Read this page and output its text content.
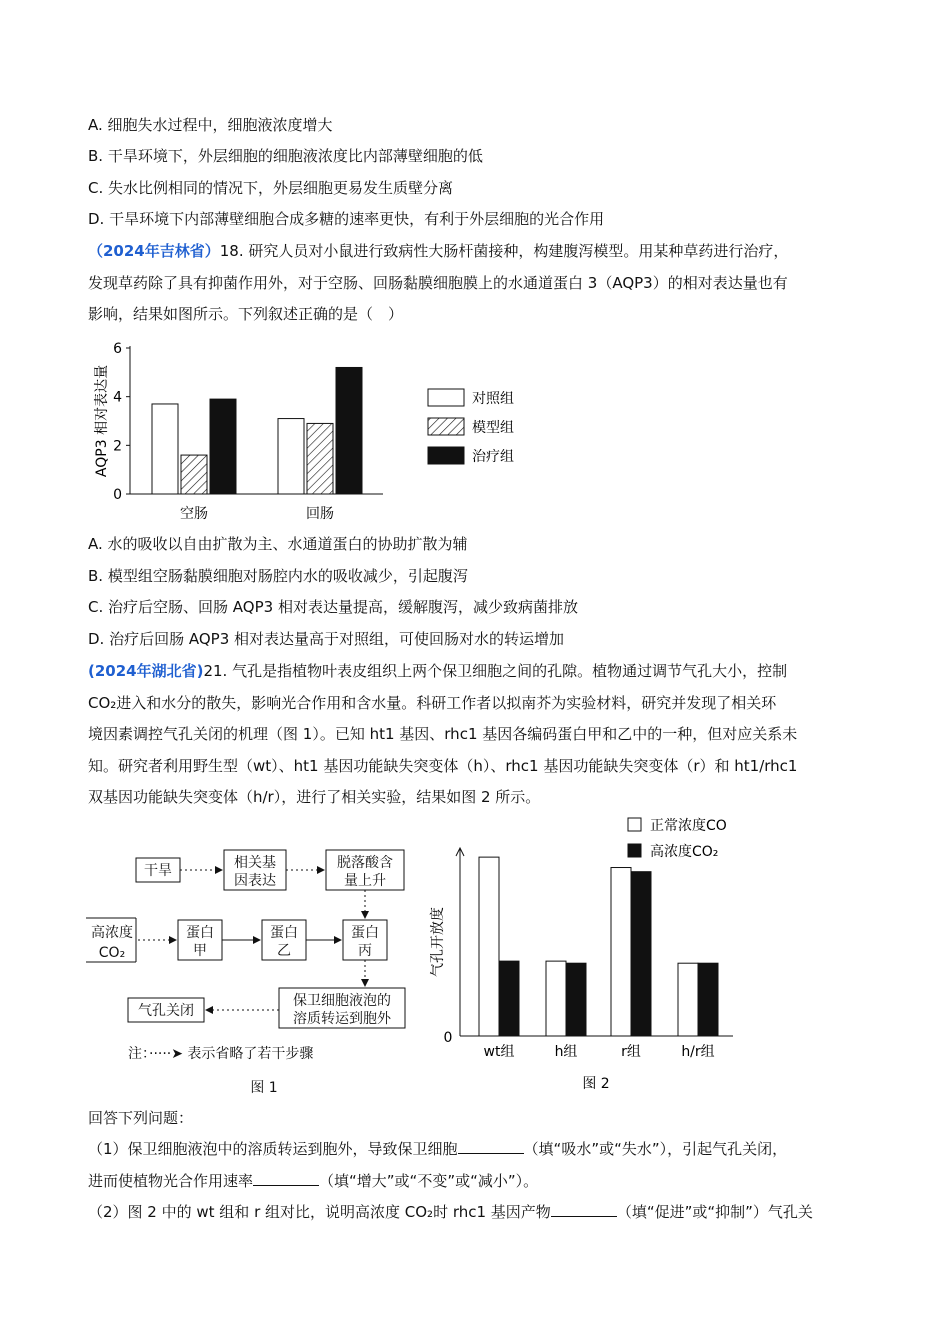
A. 细胞失水过程中，细胞液浓度增大
B. 干旱环境下，外层细胞的细胞液浓度比内部薄壁细胞的低
C. 失水比例相同的情况下，外层细胞更易发生质壁分离
D. 干旱环境下内部薄壁细胞合成多糖的速率更快，有利于外层细胞的光合作用
（2024年吉林省）18. 研究人员对小鼠进行致病性大肠杆菌接种，构建腹泻模型。用某种草药进行治疗，
发现草药除了具有抑菌作用外，对于空肠、回肠黏膜细胞膜上的水通道蛋白 3（AQP3）的相对表达量也有
影响，结果如图所示。下列叙述正确的是（　）
0
2
4
6
AQP3 相对表达量
空肠	回肠
对照组
模型组
治疗组
A. 水的吸收以自由扩散为主、水通道蛋白的协助扩散为辅
B. 模型组空肠黏膜细胞对肠腔内水的吸收减少，引起腹泻
C. 治疗后空肠、回肠 AQP3 相对表达量提高，缓解腹泻，减少致病菌排放
D. 治疗后回肠 AQP3 相对表达量高于对照组，可使回肠对水的转运增加
(2024年湖北省)21. 气孔是指植物叶表皮组织上两个保卫细胞之间的孔隙。植物通过调节气孔大小，控制
CO₂进入和水分的散失，影响光合作用和含水量。科研工作者以拟南芥为实验材料，研究并发现了相关环
境因素调控气孔关闭的机理（图 1）。已知 ht1 基因、rhc1 基因各编码蛋白甲和乙中的一种，但对应关系未
知。研究者利用野生型（wt）、ht1 基因功能缺失突变体（h）、rhc1 基因功能缺失突变体（r）和 ht1/rhc1
双基因功能缺失突变体（h/r），进行了相关实验，结果如图 2 所示。
干旱	相关基
因表达
脱落酸含
量上升
高浓度
CO₂
蛋白
甲
蛋白
乙
蛋白
丙
保卫细胞液泡的
溶质转运到胞外
气孔关闭
注：·····➤ 表示省略了若干步骤
图 1
0
气孔开放度
wt组	h组	r组	h/r组
正常浓度CO
高浓度CO₂
图 2
回答下列问题：
（1）保卫细胞液泡中的溶质转运到胞外，导致保卫细胞	（填“吸水”或“失水”），引起气孔关闭，
进而使植物光合作用速率	（填“增大”或“不变”或“减小”）。
（2）图 2 中的 wt 组和 r 组对比，说明高浓度 CO₂时 rhc1 基因产物	（填“促进”或“抑制”）气孔关
